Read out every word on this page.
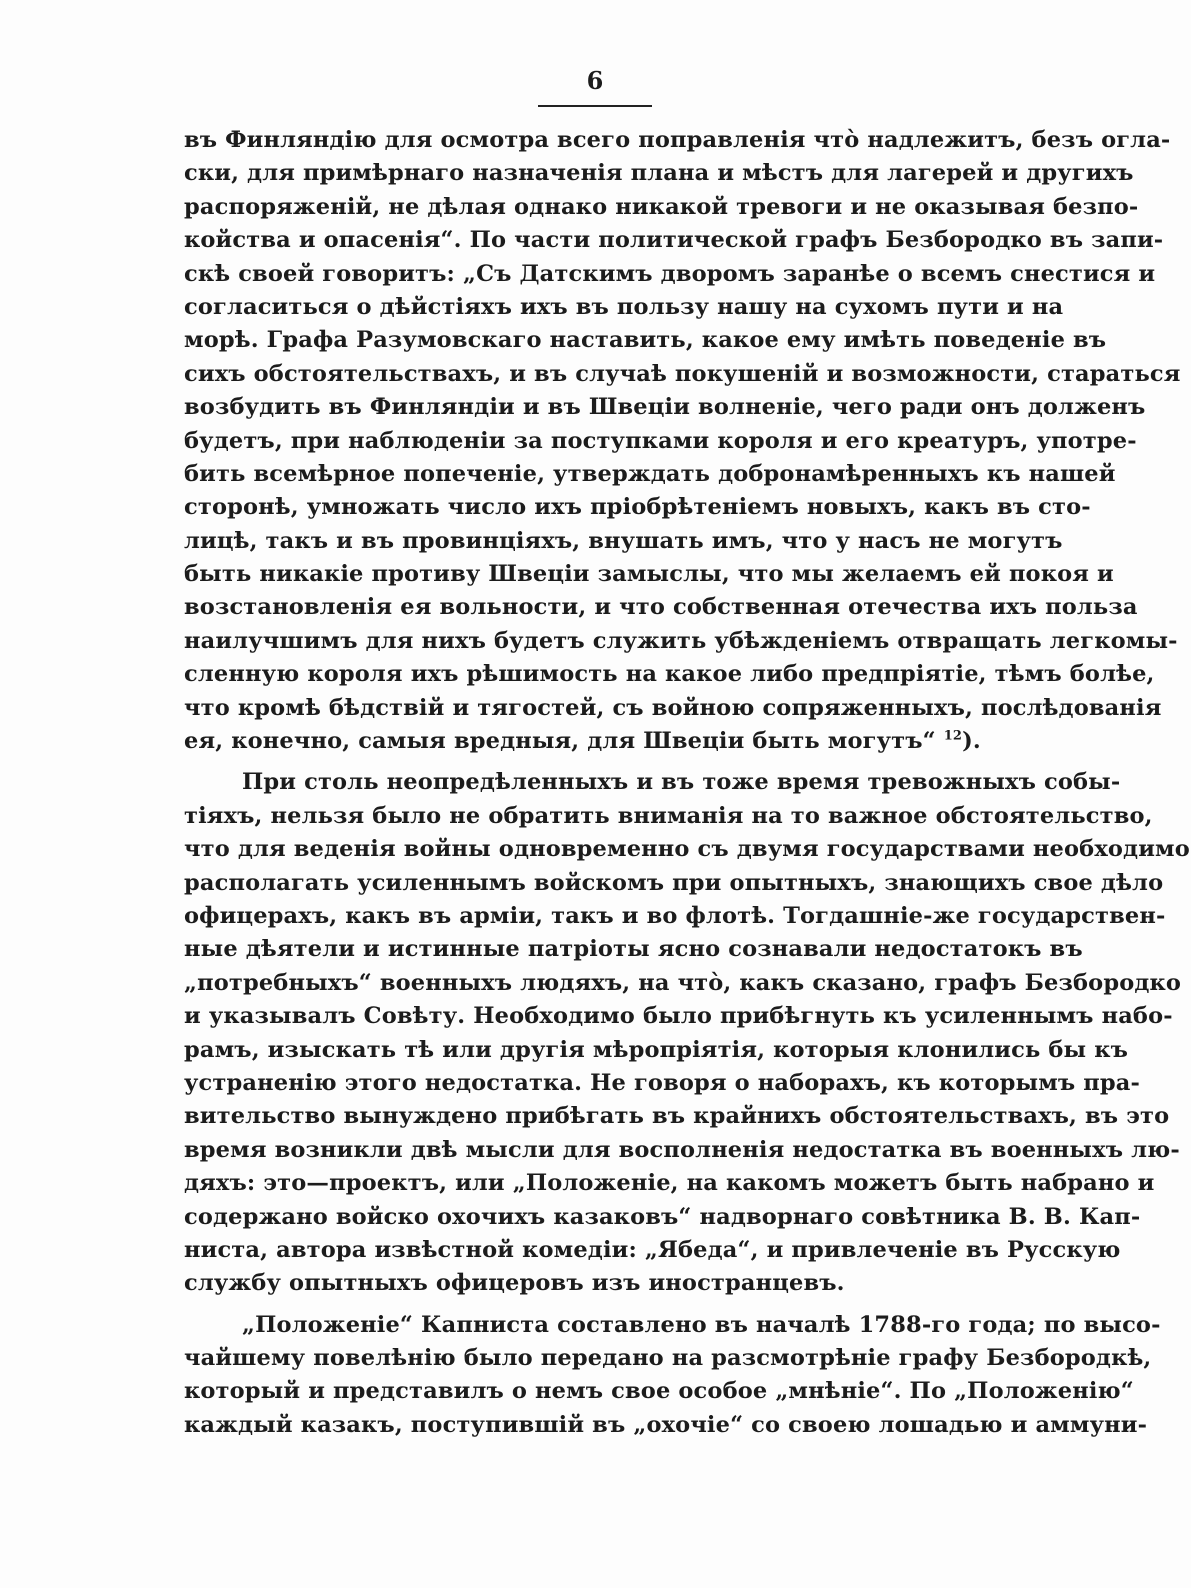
6
въ Финляндію для осмотра всего поправленія что̀ надлежитъ, безъ огла-
ски, для примѣрнаго назначенія плана и мѣстъ для лагерей и другихъ
распоряженій, не дѣлая однако никакой тревоги и не оказывая безпо-
койства и опасенія“. По части политической графъ Безбородко въ запи-
скѣ своей говоритъ: „Съ Датскимъ дворомъ заранѣе о всемъ снестися и
согласиться о дѣйстіяхъ ихъ въ пользу нашу на сухомъ пути и на
морѣ. Графа Разумовскаго наставить, какое ему имѣть поведеніе въ
сихъ обстоятельствахъ, и въ случаѣ покушеній и возможности, стараться
возбудить въ Финляндіи и въ Швеціи волненіе, чего ради онъ долженъ
будетъ, при наблюденіи за поступками короля и его креатуръ, употре-
бить всемѣрное попеченіе, утверждать добронамѣренныхъ къ нашей
сторонѣ, умножать число ихъ пріобрѣтеніемъ новыхъ, какъ въ сто-
лицѣ, такъ и въ провинціяхъ, внушать имъ, что у насъ не могутъ
быть никакіе противу Швеціи замыслы, что мы желаемъ ей покоя и
возстановленія ея вольности, и что собственная отечества ихъ польза
наилучшимъ для нихъ будетъ служить убѣжденіемъ отвращать легкомы-
сленную короля ихъ рѣшимость на какое либо предпріятіе, тѣмъ болѣе,
что кромѣ бѣдствій и тягостей, съ войною сопряженныхъ, послѣдованія
ея, конечно, самыя вредныя, для Швеціи быть могутъ“ $^{12}$).
При столь неопредѣленныхъ и въ тоже время тревожныхъ собы-
тіяхъ, нельзя было не обратить вниманія на то важное обстоятельство,
что для веденія войны одновременно съ двумя государствами необходимо
располагать усиленнымъ войскомъ при опытныхъ, знающихъ свое дѣло
офицерахъ, какъ въ арміи, такъ и во флотѣ. Тогдашніе-же государствен-
ные дѣятели и истинные патріоты ясно сознавали недостатокъ въ
„потребныхъ“ военныхъ людяхъ, на что̀, какъ сказано, графъ Безбородко
и указывалъ Совѣту. Необходимо было прибѣгнуть къ усиленнымъ набо-
рамъ, изыскать тѣ или другія мѣропріятія, которыя клонились бы къ
устраненію этого недостатка. Не говоря о наборахъ, къ которымъ пра-
вительство вынуждено прибѣгать въ крайнихъ обстоятельствахъ, въ это
время возникли двѣ мысли для восполненія недостатка въ военныхъ лю-
дяхъ: это—проектъ, или „Положеніе, на какомъ можетъ быть набрано и
содержано войско охочихъ казаковъ“ надворнаго совѣтника В. В. Кап-
ниста, автора извѣстной комедіи: „Ябеда“, и привлеченіе въ Русскую
службу опытныхъ офицеровъ изъ иностранцевъ.
„Положеніе“ Капниста составлено въ началѣ 1788-го года; по высо-
чайшему повелѣнію было передано на разсмотрѣніе графу Безбородкѣ,
который и представилъ о немъ свое особое „мнѣніе“. По „Положенію“
каждый казакъ, поступившій въ „охочіе“ со своею лошадью и аммуни-
